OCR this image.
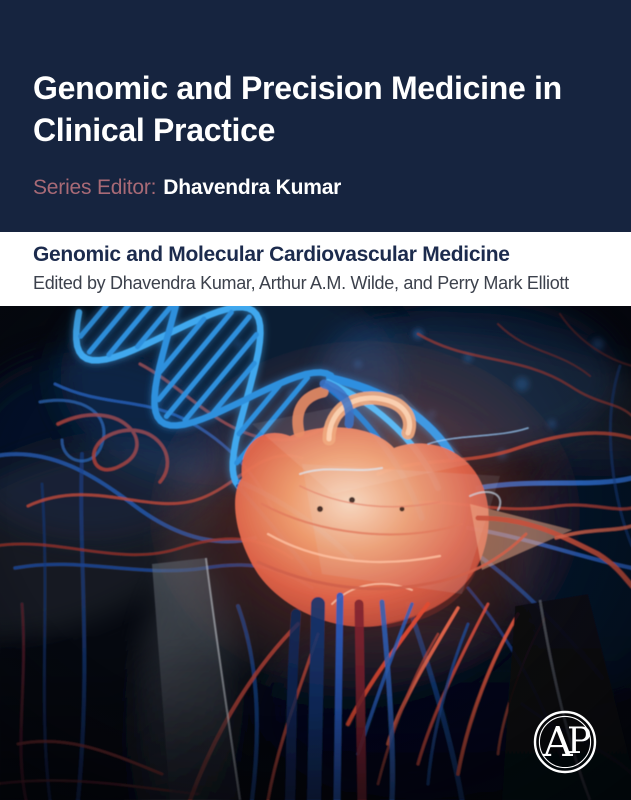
Genomic and Precision Medicine in Clinical Practice

Series Editor: Dhavendra Kumar

Genomic and Molecular Cardiovascular Medicine

Edited by Dhavendra Kumar, Arthur A.M. Wilde, and Perry Mark Elliott

A
P
